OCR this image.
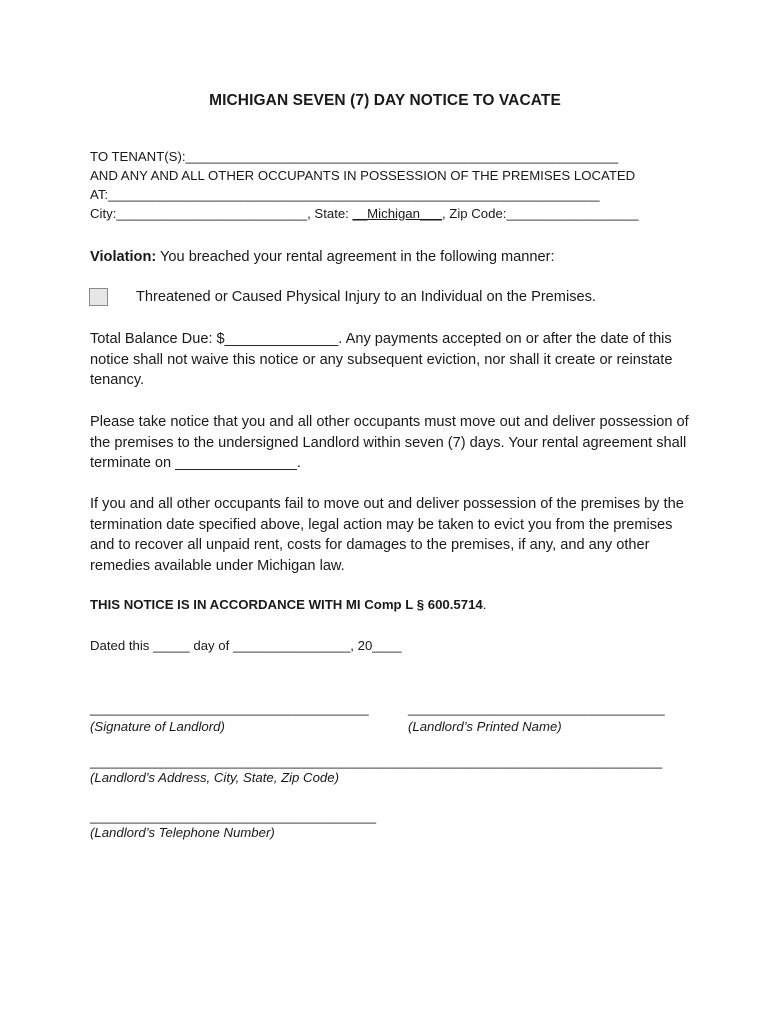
MICHIGAN SEVEN (7) DAY NOTICE TO VACATE
TO TENANT(S):___________________________________________________________
AND ANY AND ALL OTHER OCCUPANTS IN POSSESSION OF THE PREMISES LOCATED
AT:___________________________________________________________________
City:__________________________, State: __Michigan___, Zip Code:__________________
Violation: You breached your rental agreement in the following manner:
Threatened or Caused Physical Injury to an Individual on the Premises.
Total Balance Due: $______________. Any payments accepted on or after the date of this notice shall not waive this notice or any subsequent eviction, nor shall it create or reinstate tenancy.
Please take notice that you and all other occupants must move out and deliver possession of the premises to the undersigned Landlord within seven (7) days. Your rental agreement shall terminate on _______________.
If you and all other occupants fail to move out and deliver possession of the premises by the termination date specified above, legal action may be taken to evict you from the premises and to recover all unpaid rent, costs for damages to the premises, if any, and any other remedies available under Michigan law.
THIS NOTICE IS IN ACCORDANCE WITH MI Comp L § 600.5714.
Dated this _____ day of ________________, 20____
______________________________________	___________________________________
(Signature of Landlord)	(Landlord’s Printed Name)
______________________________________________________________________________
(Landlord’s Address, City, State, Zip Code)
_______________________________________
(Landlord’s Telephone Number)
